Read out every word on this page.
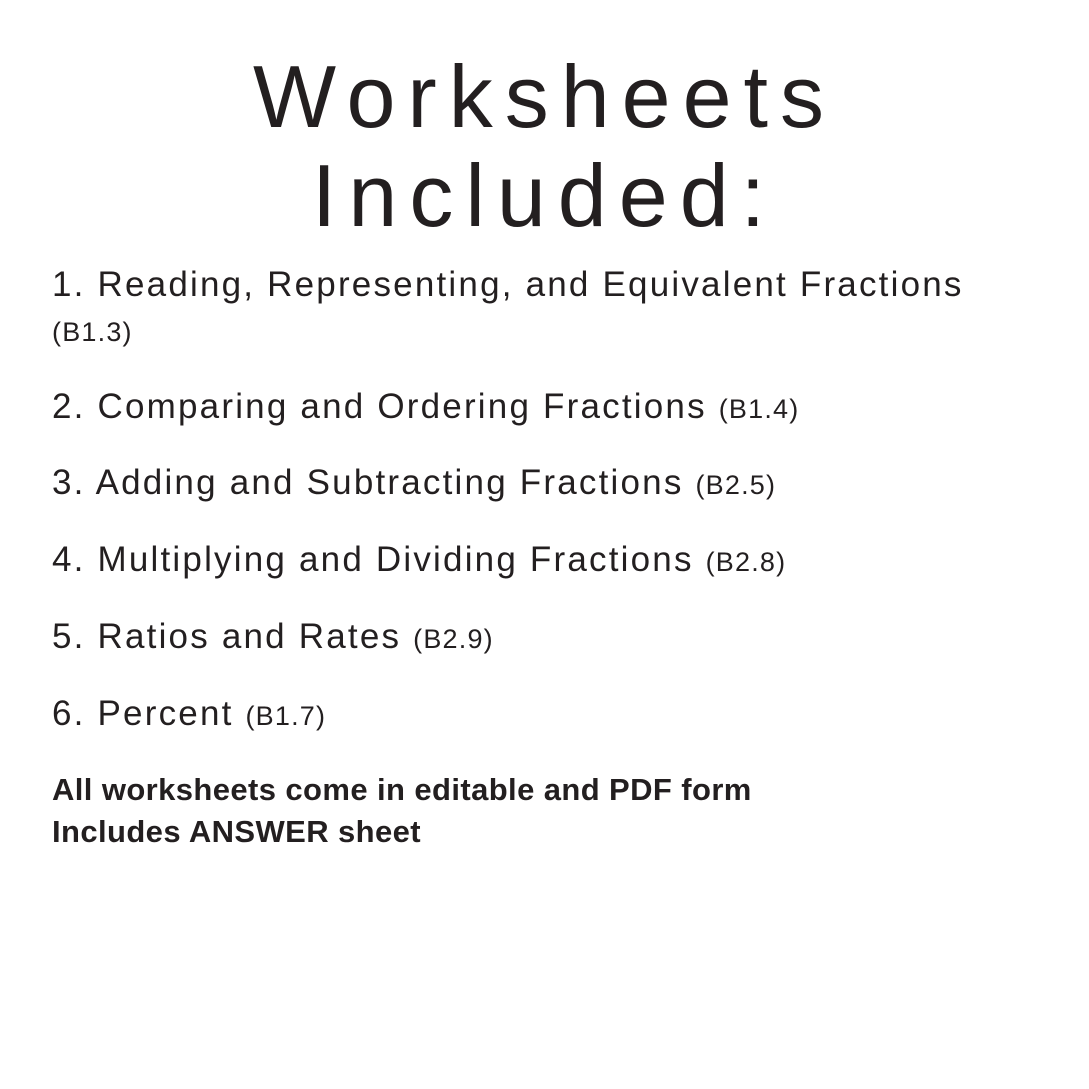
Worksheets
Included:
1. Reading, Representing, and Equivalent Fractions (B1.3)
2. Comparing and Ordering Fractions (B1.4)
3. Adding and Subtracting Fractions (B2.5)
4. Multiplying and Dividing Fractions (B2.8)
5. Ratios and Rates (B2.9)
6. Percent (B1.7)
All worksheets come in editable and PDF form
Includes ANSWER sheet
